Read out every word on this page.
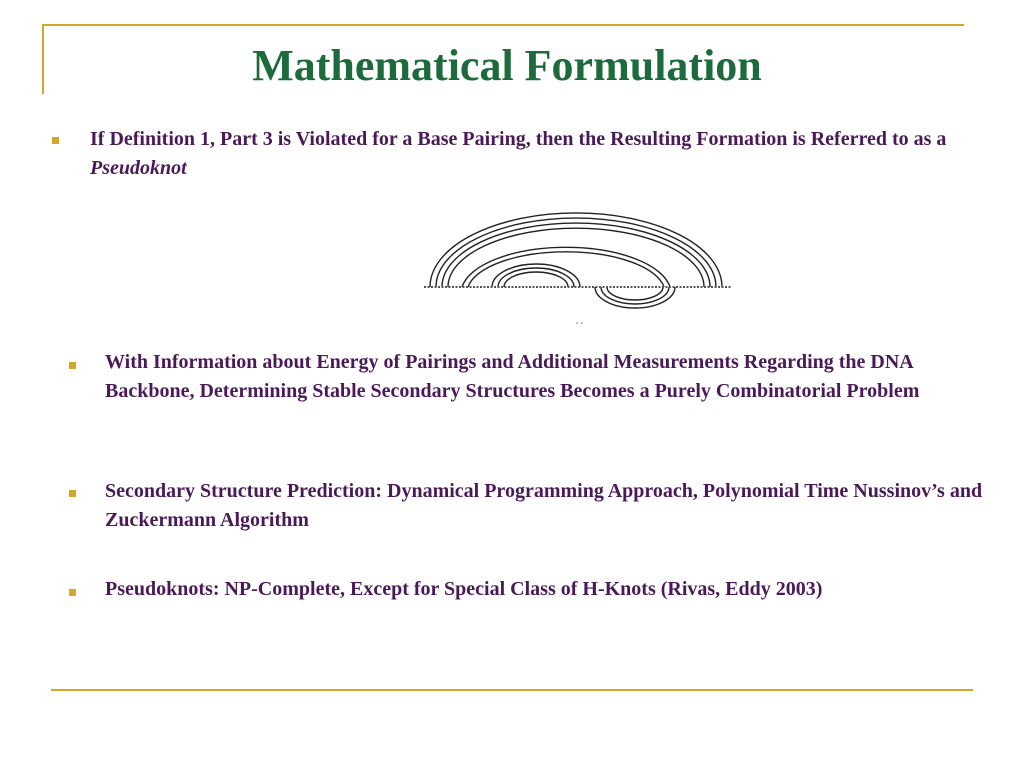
Mathematical Formulation
If Definition 1, Part 3 is Violated for a Base Pairing, then the Resulting Formation is Referred to as a Pseudoknot
With Information about Energy of Pairings and Additional Measurements Regarding the DNA Backbone, Determining Stable Secondary Structures Becomes a Purely Combinatorial Problem
Secondary Structure Prediction: Dynamical Programming Approach, Polynomial Time Nussinov’s and Zuckermann Algorithm
Pseudoknots: NP-Complete, Except for Special Class of H-Knots (Rivas, Eddy 2003)
